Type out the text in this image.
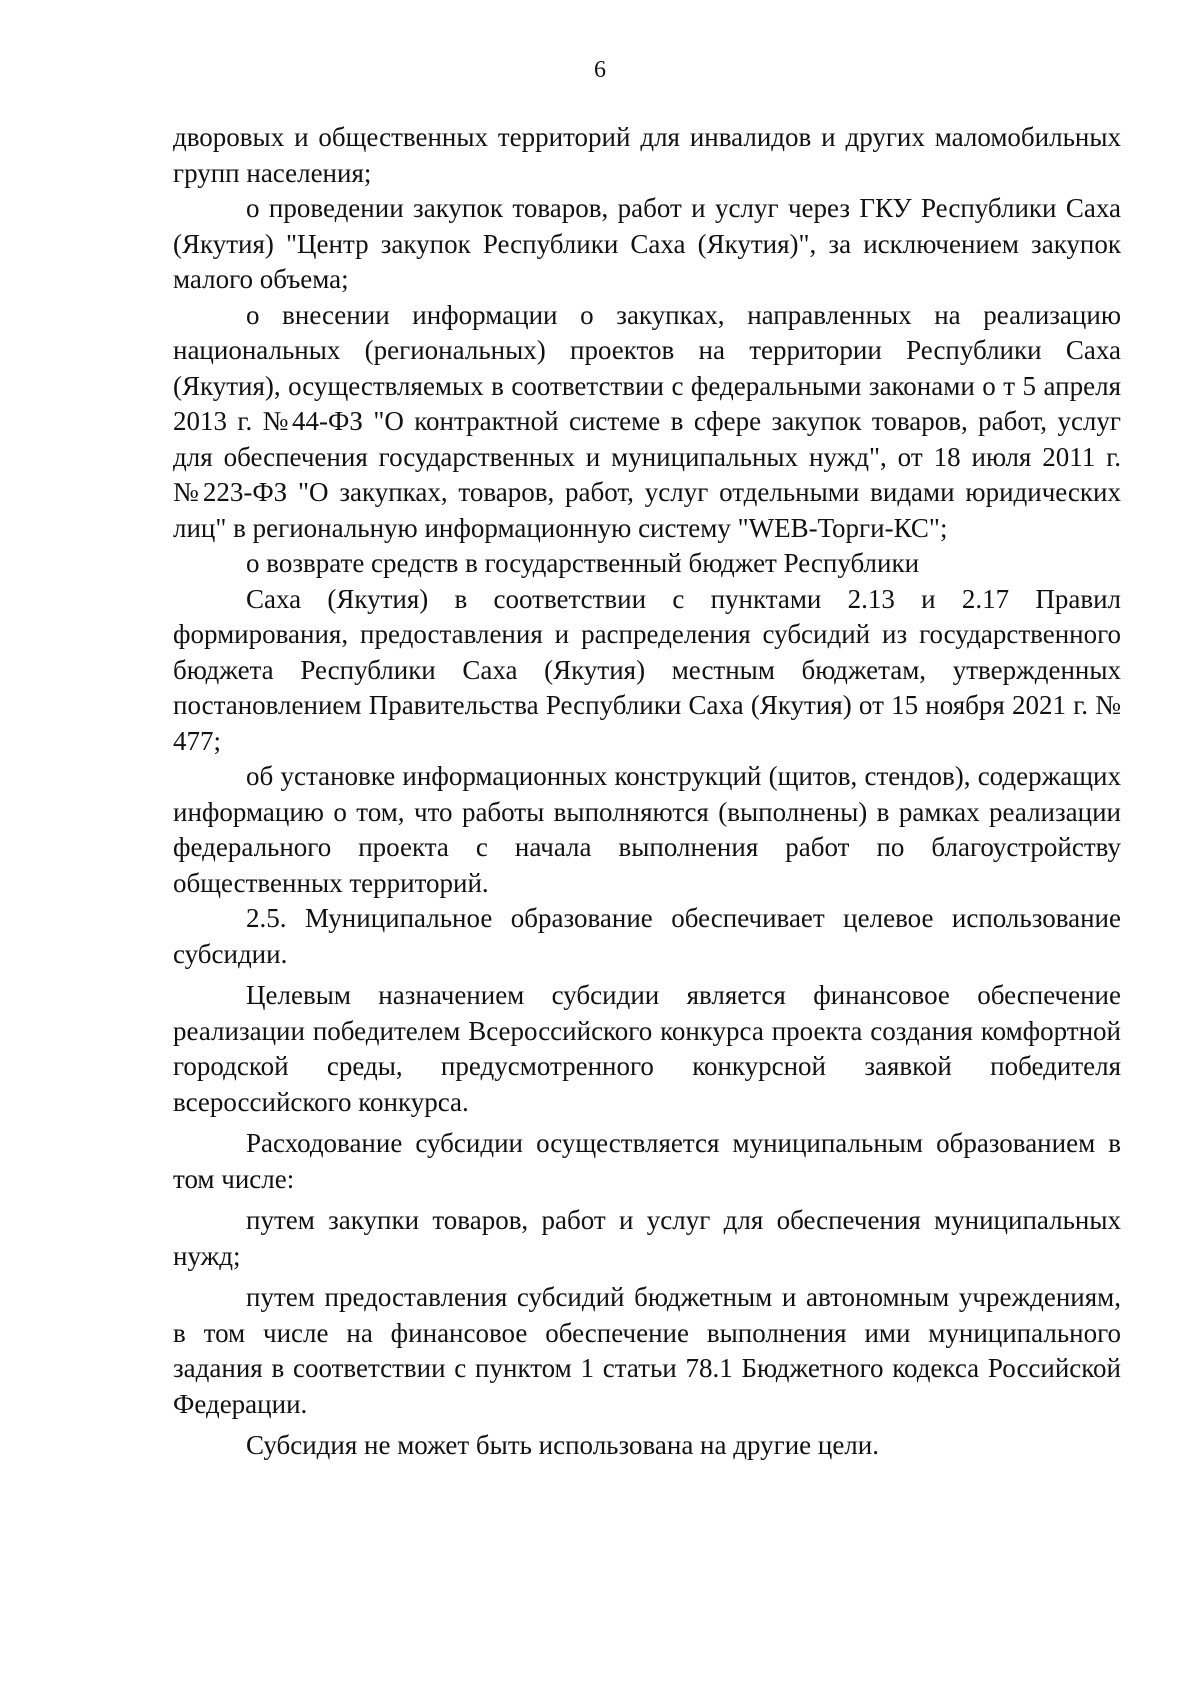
6

дворовых и общественных территорий для инвалидов и других маломобильных групп населения;

о проведении закупок товаров, работ и услуг через ГКУ Республики Саха (Якутия) "Центр закупок Республики Саха (Якутия)", за исключением закупок малого объема;

о внесении информации о закупках, направленных на реализацию национальных (региональных) проектов на территории Республики Саха (Якутия), осуществляемых в соответствии с федеральными законами о т 5 апреля 2013 г. №44-ФЗ "О контрактной системе в сфере закупок товаров, работ, услуг для обеспечения государственных и муниципальных нужд", от 18 июля 2011 г. №223-ФЗ "О закупках, товаров, работ, услуг отдельными видами юридических лиц" в региональную информационную систему "WEB-Торги-КС";

о возврате средств в государственный бюджет Республики

Саха (Якутия) в соответствии с пунктами 2.13 и 2.17 Правил формирования, предоставления и распределения субсидий из государственного бюджета Республики Саха (Якутия) местным бюджетам, утвержденных постановлением Правительства Республики Саха (Якутия) от 15 ноября 2021 г. № 477;

об установке информационных конструкций (щитов, стендов), содержащих информацию о том, что работы выполняются (выполнены) в рамках реализации федерального проекта с начала выполнения работ по благоустройству общественных территорий.

2.5. Муниципальное образование обеспечивает целевое использование субсидии.

Целевым назначением субсидии является финансовое обеспечение реализации победителем Всероссийского конкурса проекта создания комфортной городской среды, предусмотренного конкурсной заявкой победителя всероссийского конкурса.

Расходование субсидии осуществляется муниципальным образованием в том числе:

путем закупки товаров, работ и услуг для обеспечения муниципальных нужд;

путем предоставления субсидий бюджетным и автономным учреждениям, в том числе на финансовое обеспечение выполнения ими муниципального задания в соответствии с пунктом 1 статьи 78.1 Бюджетного кодекса Российской Федерации.

Субсидия не может быть использована на другие цели.
